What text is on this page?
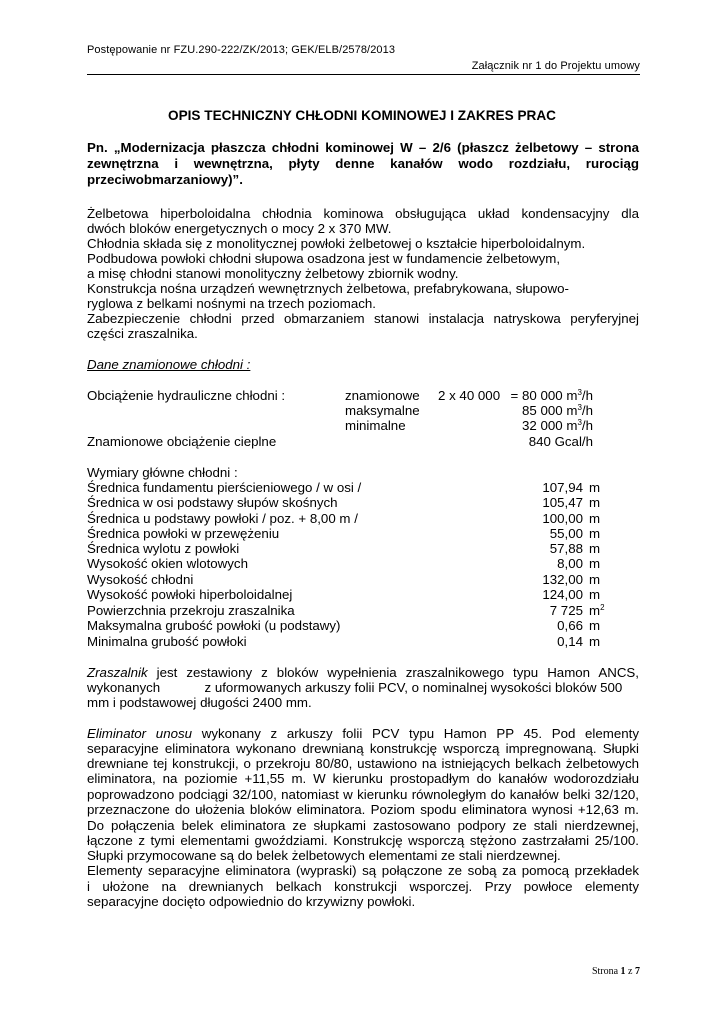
Postępowanie nr FZU.290-222/ZK/2013; GEK/ELB/2578/2013
Załącznik nr 1 do Projektu umowy
OPIS TECHNICZNY CHŁODNI KOMINOWEJ I ZAKRES PRAC
Pn. „Modernizacja płaszcza chłodni kominowej W – 2/6 (płaszcz żelbetowy – strona
zewnętrzna i wewnętrzna, płyty denne kanałów wodo rozdziału, rurociąg
przeciwobmarzaniowy)”.
Żelbetowa hiperboloidalna chłodnia kominowa obsługująca układ kondensacyjny dla
dwóch bloków energetycznych o mocy 2 x 370 MW.
Chłodnia składa się z monolitycznej powłoki żelbetowej o kształcie hiperboloidalnym.
Podbudowa powłoki chłodni słupowa osadzona jest w fundamencie żelbetowym,
a misę chłodni stanowi monolityczny żelbetowy zbiornik wodny.
Konstrukcja nośna urządzeń wewnętrznych żelbetowa, prefabrykowana, słupowo-
ryglowa z belkami nośnymi na trzech poziomach.
Zabezpieczenie chłodni przed obmarzaniem stanowi instalacja natryskowa peryferyjnej
części zraszalnika.
Dane znamionowe chłodni :
Obciążenie hydrauliczne chłodni :	znamionowe 2 x 40 000 = 80 000 $m^3/h$
maksymalne	85 000 $m^3/h$
minimalne	32 000 $m^3/h$
Znamionowe obciążenie cieplne	840 Gcal/h
Wymiary główne chłodni :
Średnica fundamentu pierścieniowego / w osi /	107,94 m
Średnica w osi podstawy słupów skośnych	105,47 m
Średnica u podstawy powłoki / poz. + 8,00 m /	100,00 m
Średnica powłoki w przewężeniu	55,00 m
Średnica wylotu z powłoki	57,88 m
Wysokość okien wlotowych	8,00 m
Wysokość chłodni	132,00 m
Wysokość powłoki hiperboloidalnej	124,00 m
Powierzchnia przekroju zraszalnika	7 725 $m^2$
Maksymalna grubość powłoki (u podstawy)	0,66 m
Minimalna grubość powłoki	0,14 m
Zraszalnik jest zestawiony z bloków wypełnienia zraszalnikowego typu Hamon ANCS,
wykonanych            z uformowanych arkuszy folii PCV, o nominalnej wysokości bloków 500
mm i podstawowej długości 2400 mm.
Eliminator unosu wykonany z arkuszy folii PCV typu Hamon PP 45. Pod elementy
separacyjne eliminatora wykonano drewnianą konstrukcję wsporczą impregnowaną. Słupki
drewniane tej konstrukcji, o przekroju 80/80, ustawiono na istniejących belkach żelbetowych
eliminatora, na poziomie +11,55 m. W kierunku prostopadłym do kanałów wodorozdziału
poprowadzono podciągi 32/100, natomiast w kierunku równoległym do kanałów belki 32/120,
przeznaczone do ułożenia bloków eliminatora. Poziom spodu eliminatora wynosi +12,63 m.
Do połączenia belek eliminatora ze słupkami zastosowano podpory ze stali nierdzewnej,
łączone z tymi elementami gwoździami. Konstrukcję wsporczą stężono zastrzałami 25/100.
Słupki przymocowane są do belek żelbetowych elementami ze stali nierdzewnej.
Elementy separacyjne eliminatora (wypraski) są połączone ze sobą za pomocą przekładek
i ułożone na drewnianych belkach konstrukcji wsporczej. Przy powłoce elementy
separacyjne docięto odpowiednio do krzywizny powłoki.
Strona 1 z 7
